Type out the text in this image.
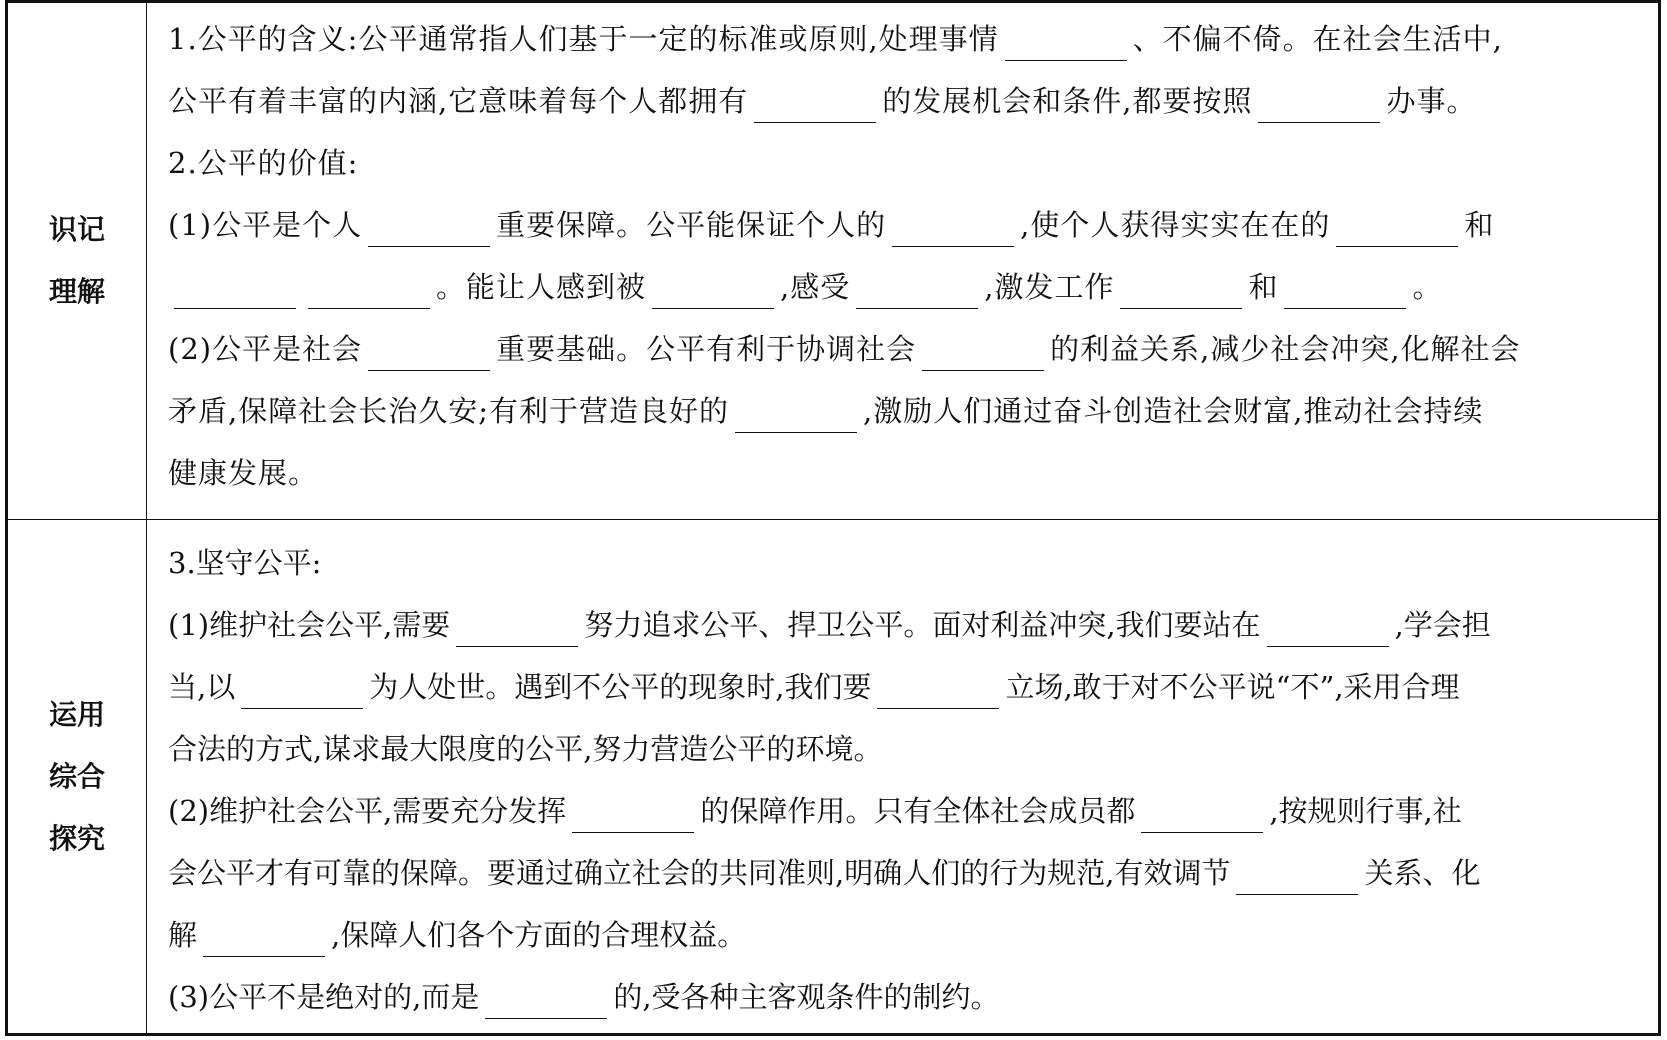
识记
理解
1.公平的含义:公平通常指人们基于一定的标准或原则,处理事情	、不偏不倚。在社会生活中,
公平有着丰富的内涵,它意味着每个人都拥有	的发展机会和条件,都要按照	办事。
2.公平的价值:
(1)公平是个人	重要保障。公平能保证个人的	,使个人获得实实在在的	和
。能让人感到被	,感受	,激发工作	和	。
(2)公平是社会	重要基础。公平有利于协调社会	的利益关系,减少社会冲突,化解社会
矛盾,保障社会长治久安;有利于营造良好的	,激励人们通过奋斗创造社会财富,推动社会持续
健康发展。
运用
综合
探究
3.坚守公平:
(1)维护社会公平,需要	努力追求公平、捍卫公平。面对利益冲突,我们要站在	,学会担
当,以	为人处世。遇到不公平的现象时,我们要	立场,敢于对不公平说“不”,采用合理
合法的方式,谋求最大限度的公平,努力营造公平的环境。
(2)维护社会公平,需要充分发挥	的保障作用。只有全体社会成员都	,按规则行事,社
会公平才有可靠的保障。要通过确立社会的共同准则,明确人们的行为规范,有效调节	关系、化
解	,保障人们各个方面的合理权益。
(3)公平不是绝对的,而是	的,受各种主客观条件的制约。
